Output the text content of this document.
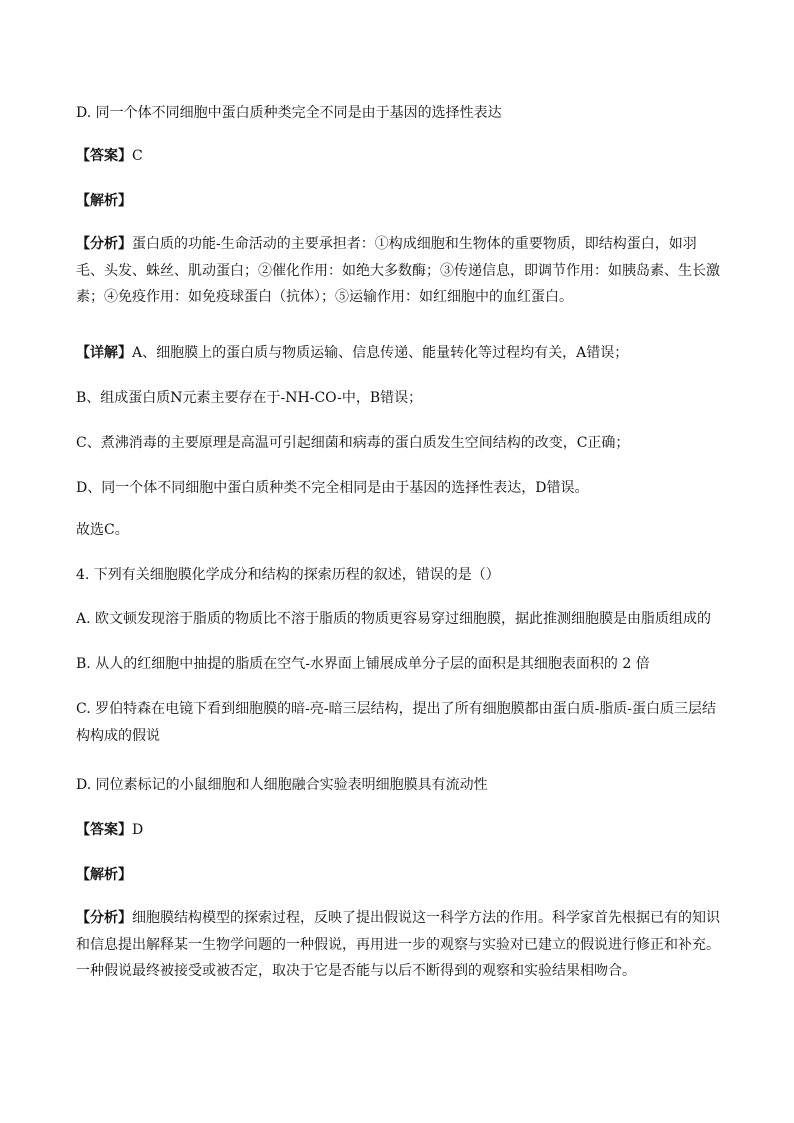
D. 同一个体不同细胞中蛋白质种类完全不同是由于基因的选择性表达
【答案】C
【解析】
【分析】蛋白质的功能-生命活动的主要承担者：①构成细胞和生物体的重要物质，即结构蛋白，如羽毛、头发、蛛丝、肌动蛋白；②催化作用：如绝大多数酶；③传递信息，即调节作用：如胰岛素、生长激素；④免疫作用：如免疫球蛋白（抗体）；⑤运输作用：如红细胞中的血红蛋白。
【详解】A、细胞膜上的蛋白质与物质运输、信息传递、能量转化等过程均有关，A错误；
B、组成蛋白质N元素主要存在于-NH-CO-中，B错误；
C、煮沸消毒的主要原理是高温可引起细菌和病毒的蛋白质发生空间结构的改变，C正确；
D、同一个体不同细胞中蛋白质种类不完全相同是由于基因的选择性表达，D错误。
故选C。
4. 下列有关细胞膜化学成分和结构的探索历程的叙述，错误的是（）
A. 欧文顿发现溶于脂质的物质比不溶于脂质的物质更容易穿过细胞膜，据此推测细胞膜是由脂质组成的
B. 从人的红细胞中抽提的脂质在空气-水界面上铺展成单分子层的面积是其细胞表面积的 2 倍
C. 罗伯特森在电镜下看到细胞膜的暗-亮-暗三层结构，提出了所有细胞膜都由蛋白质-脂质-蛋白质三层结构构成的假说
D. 同位素标记的小鼠细胞和人细胞融合实验表明细胞膜具有流动性
【答案】D
【解析】
【分析】细胞膜结构模型的探索过程，反映了提出假说这一科学方法的作用。科学家首先根据已有的知识和信息提出解释某一生物学问题的一种假说，再用进一步的观察与实验对已建立的假说进行修正和补充。一种假说最终被接受或被否定，取决于它是否能与以后不断得到的观察和实验结果相吻合。
